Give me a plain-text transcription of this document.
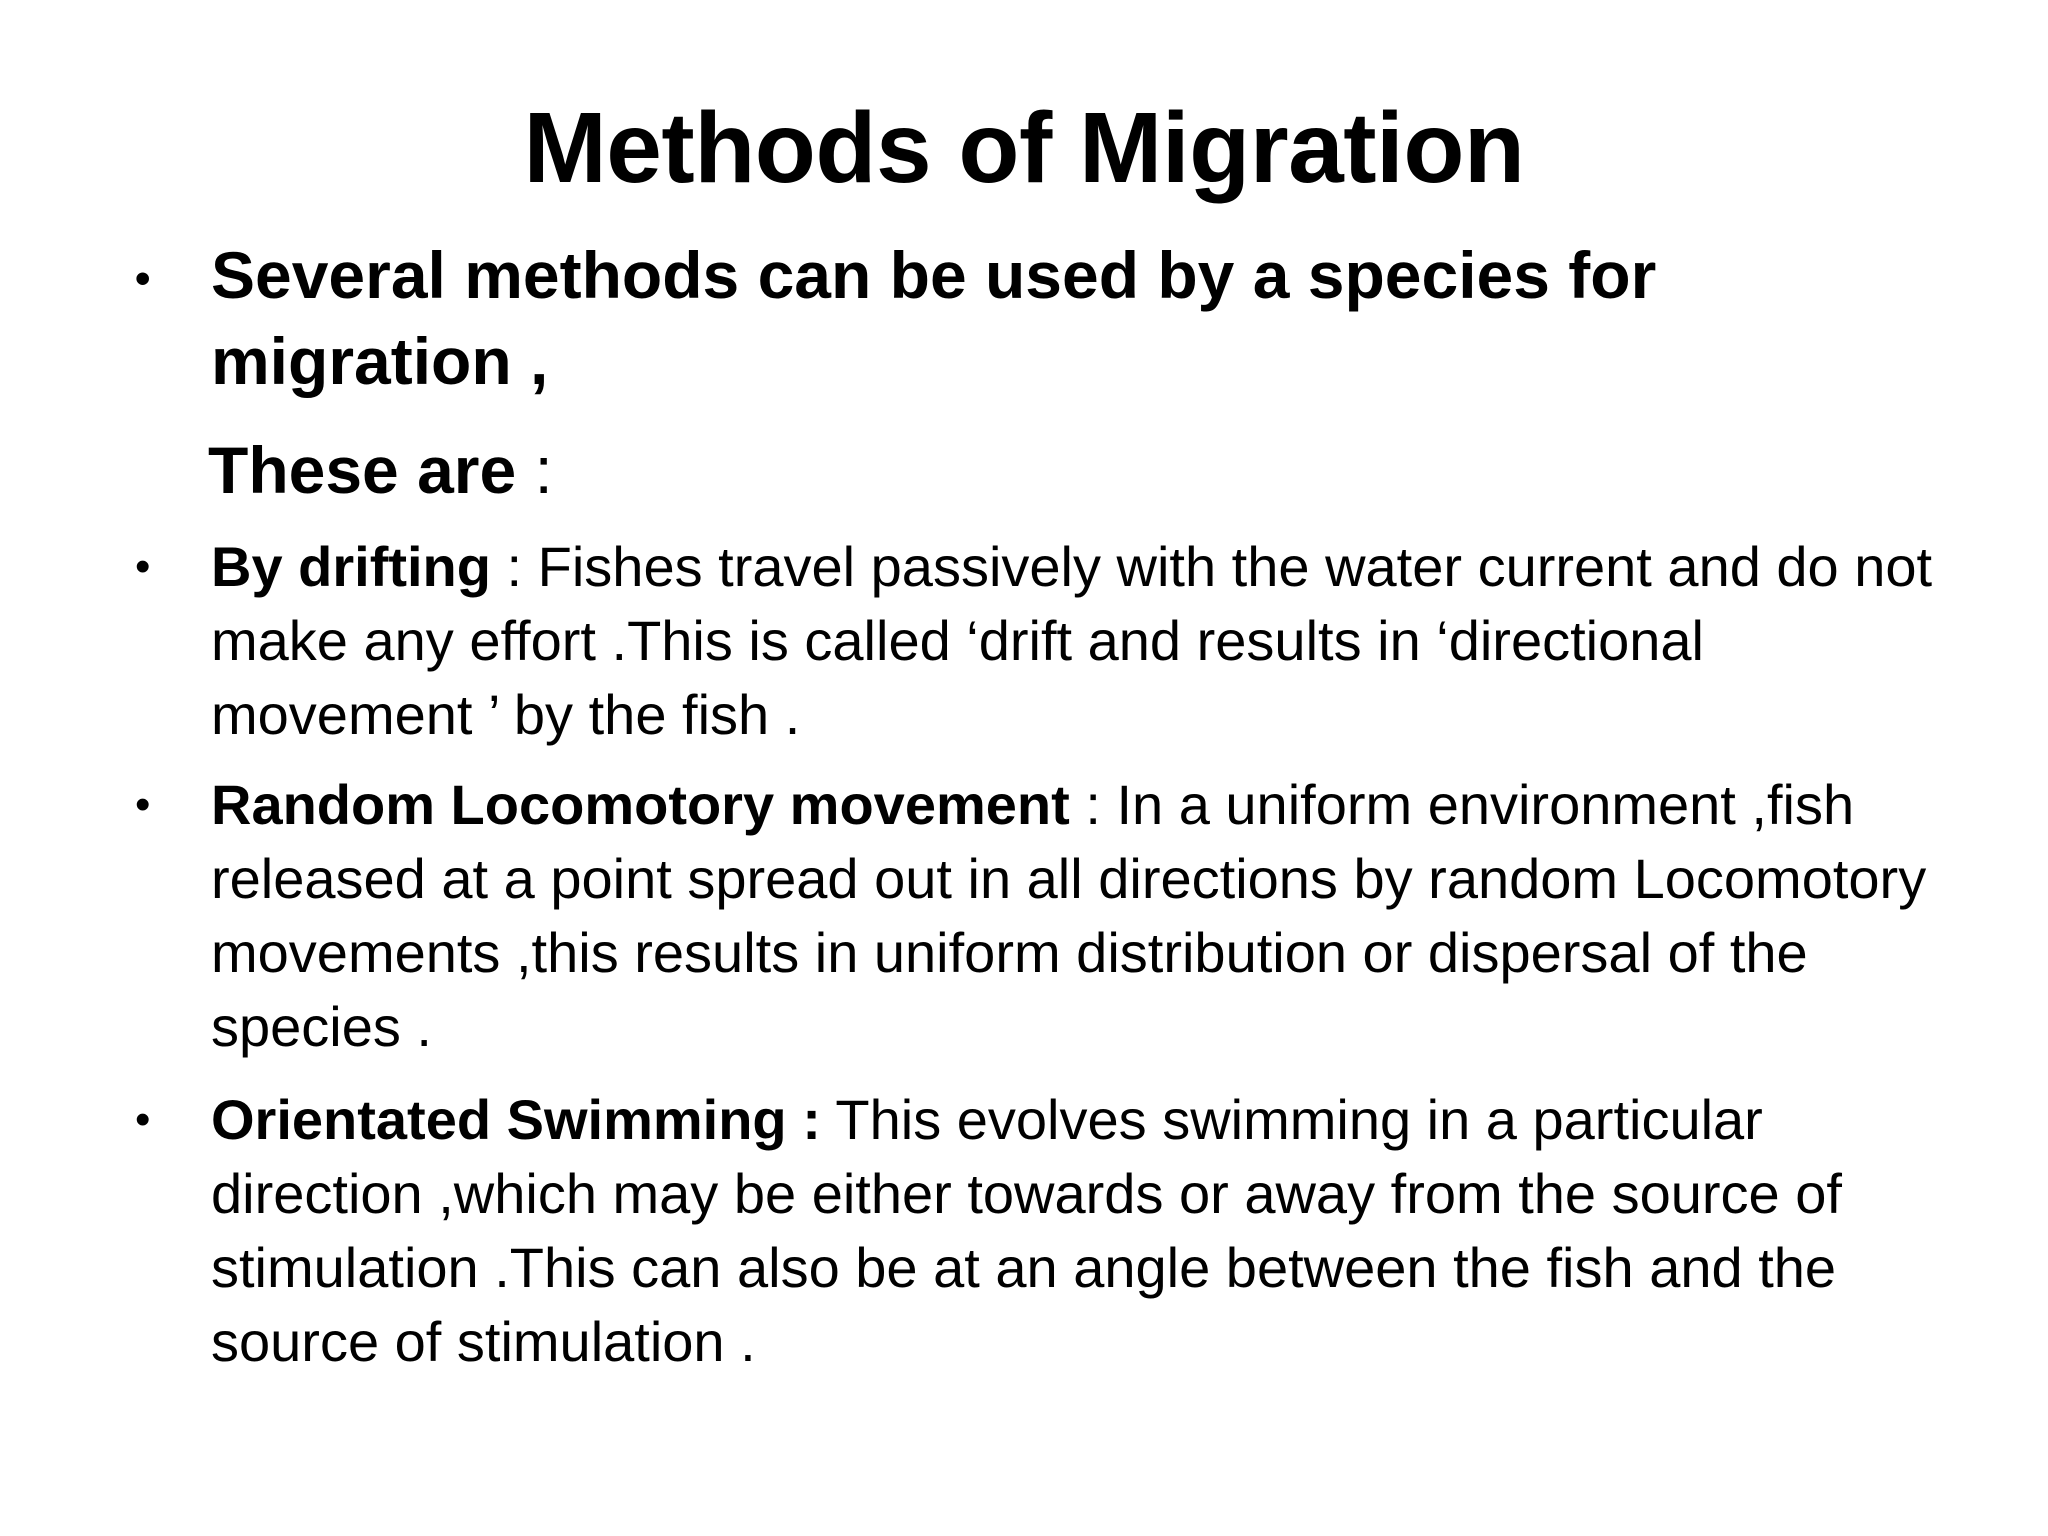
Methods of Migration
• Several methods can be used by a species for migration ,
These are :
• By drifting : Fishes travel passively with the water current and do not make any effort .This is called ‘drift and results in ‘directional movement ’ by the fish .
• Random Locomotory movement : In a uniform environment ,fish released at a point spread out in all directions by random Locomotory movements ,this results in uniform distribution or dispersal of the species .
• Orientated Swimming : This evolves swimming in a particular direction ,which may be either towards or away from the source of stimulation .This can also be at an angle between the fish and the source of stimulation .
